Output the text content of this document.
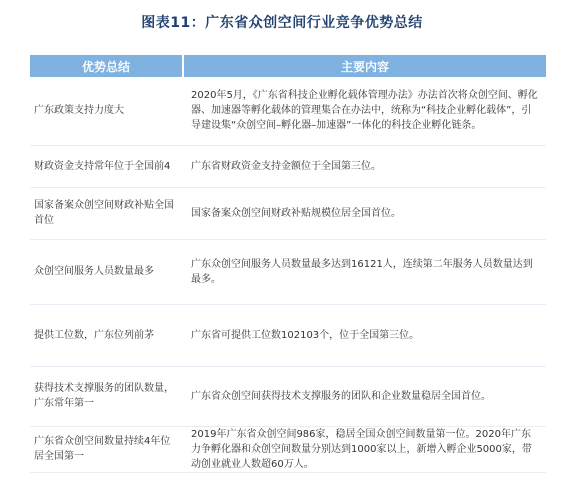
图表11：广东省众创空间行业竞争优势总结
优势总结	主要内容
广东政策支持力度大	2020年5月，《广东省科技企业孵化载体管理办法》办法首次将众创空间、孵化器、加速器等孵化载体的管理集合在办法中，统称为“科技企业孵化载体”，引导建设集“众创空间–孵化器–加速器”一体化的科技企业孵化链条。
财政资金支持常年位于全国前4	广东省财政资金支持金额位于全国第三位。
国家备案众创空间财政补贴全国首位	国家备案众创空间财政补贴规模位居全国首位。
众创空间服务人员数量最多	广东众创空间服务人员数量最多达到16121人，连续第二年服务人员数量达到最多。
提供工位数，广东位列前茅	广东省可提供工位数102103个，位于全国第三位。
获得技术支撑服务的团队数量，广东常年第一	广东省众创空间获得技术支撑服务的团队和企业数量稳居全国首位。
广东省众创空间数量持续4年位居全国第一	2019年广东省众创空间986家，稳居全国众创空间数量第一位。2020年广东力争孵化器和众创空间数量分别达到1000家以上，新增入孵企业5000家，带动创业就业人数超60万人。
